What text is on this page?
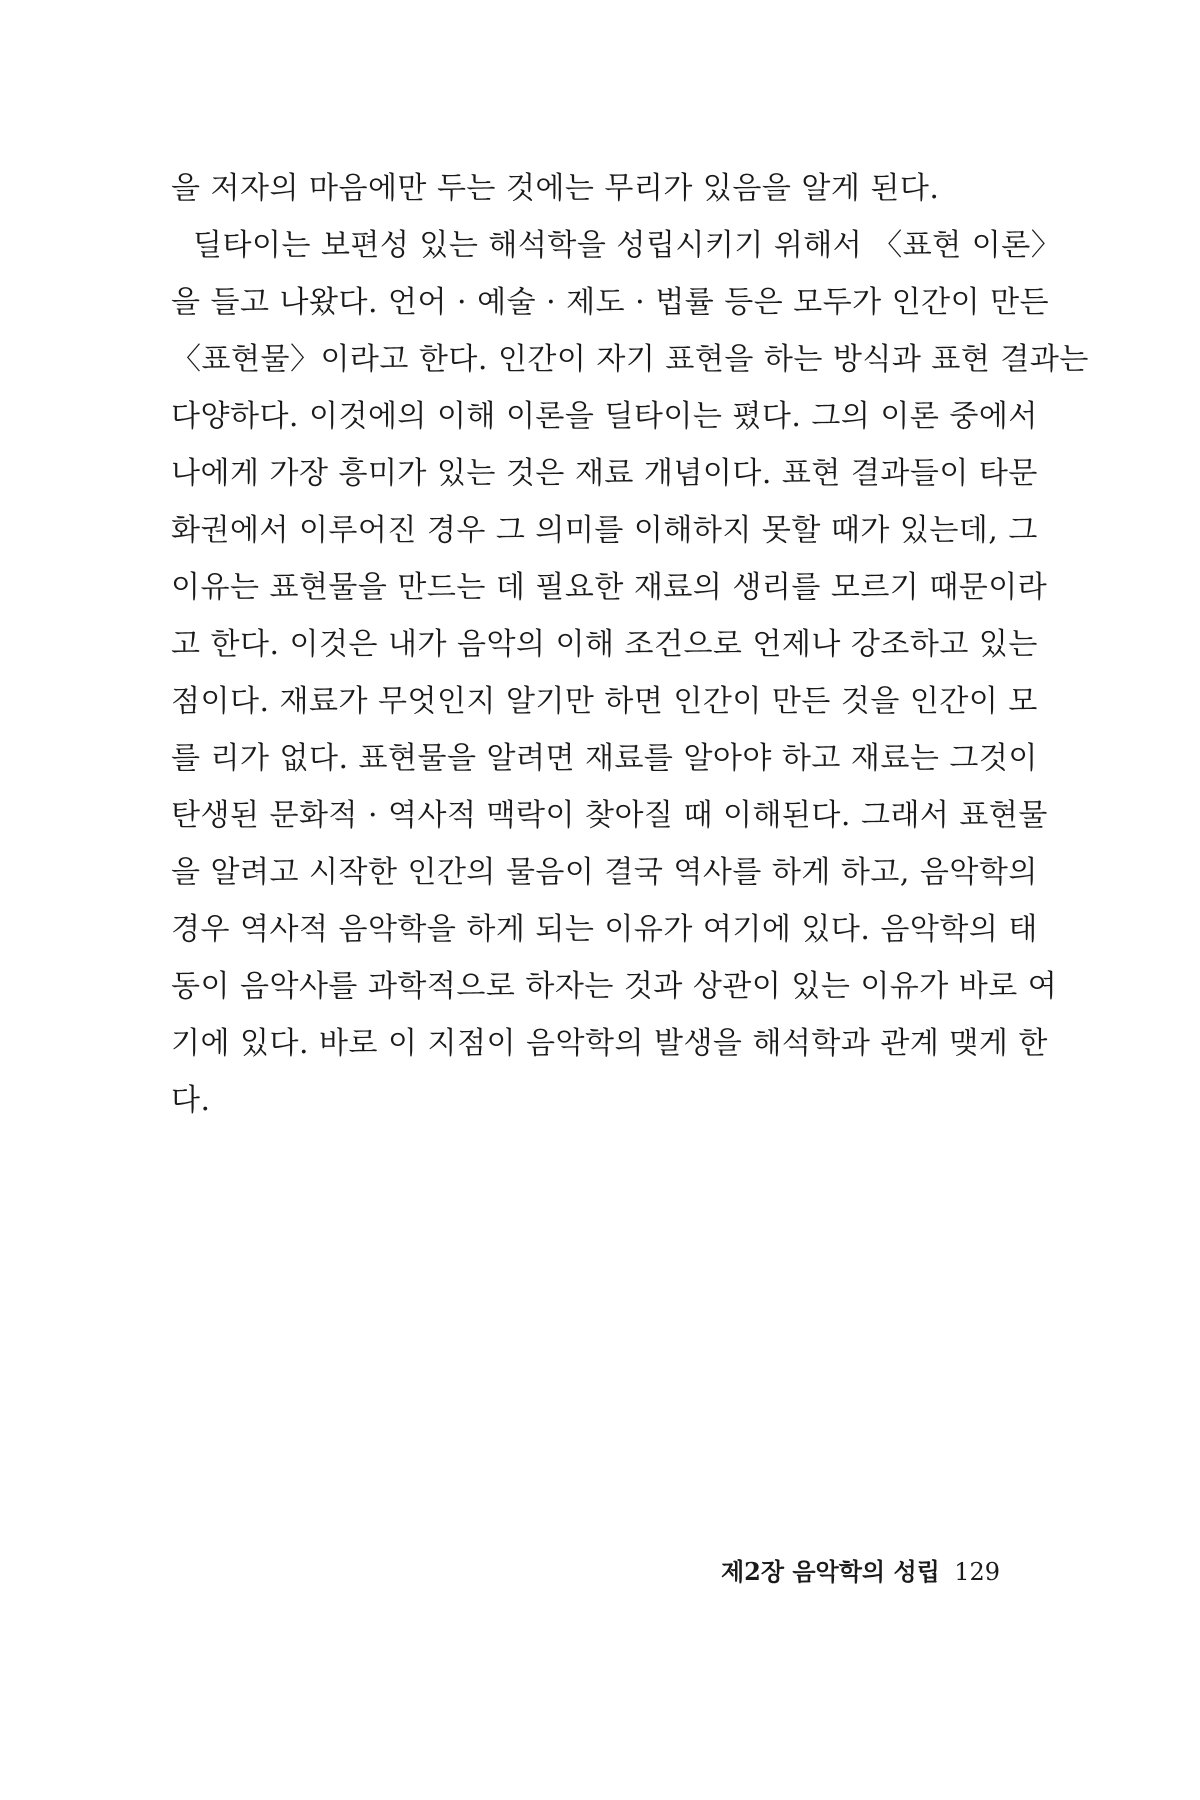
을 저자의 마음에만 두는 것에는 무리가 있음을 알게 된다.
딜타이는 보편성 있는 해석학을 성립시키기 위해서 〈표현 이론〉
을 들고 나왔다. 언어 · 예술 · 제도 · 법률 등은 모두가 인간이 만든
〈표현물〉이라고 한다. 인간이 자기 표현을 하는 방식과 표현 결과는
다양하다. 이것에의 이해 이론을 딜타이는 폈다. 그의 이론 중에서
나에게 가장 흥미가 있는 것은 재료 개념이다. 표현 결과들이 타문
화권에서 이루어진 경우 그 의미를 이해하지 못할 때가 있는데, 그
이유는 표현물을 만드는 데 필요한 재료의 생리를 모르기 때문이라
고 한다. 이것은 내가 음악의 이해 조건으로 언제나 강조하고 있는
점이다. 재료가 무엇인지 알기만 하면 인간이 만든 것을 인간이 모
를 리가 없다. 표현물을 알려면 재료를 알아야 하고 재료는 그것이
탄생된 문화적 · 역사적 맥락이 찾아질 때 이해된다. 그래서 표현물
을 알려고 시작한 인간의 물음이 결국 역사를 하게 하고, 음악학의
경우 역사적 음악학을 하게 되는 이유가 여기에 있다. 음악학의 태
동이 음악사를 과학적으로 하자는 것과 상관이 있는 이유가 바로 여
기에 있다. 바로 이 지점이 음악학의 발생을 해석학과 관계 맺게 한
다.
제2장 음악학의 성립 129
